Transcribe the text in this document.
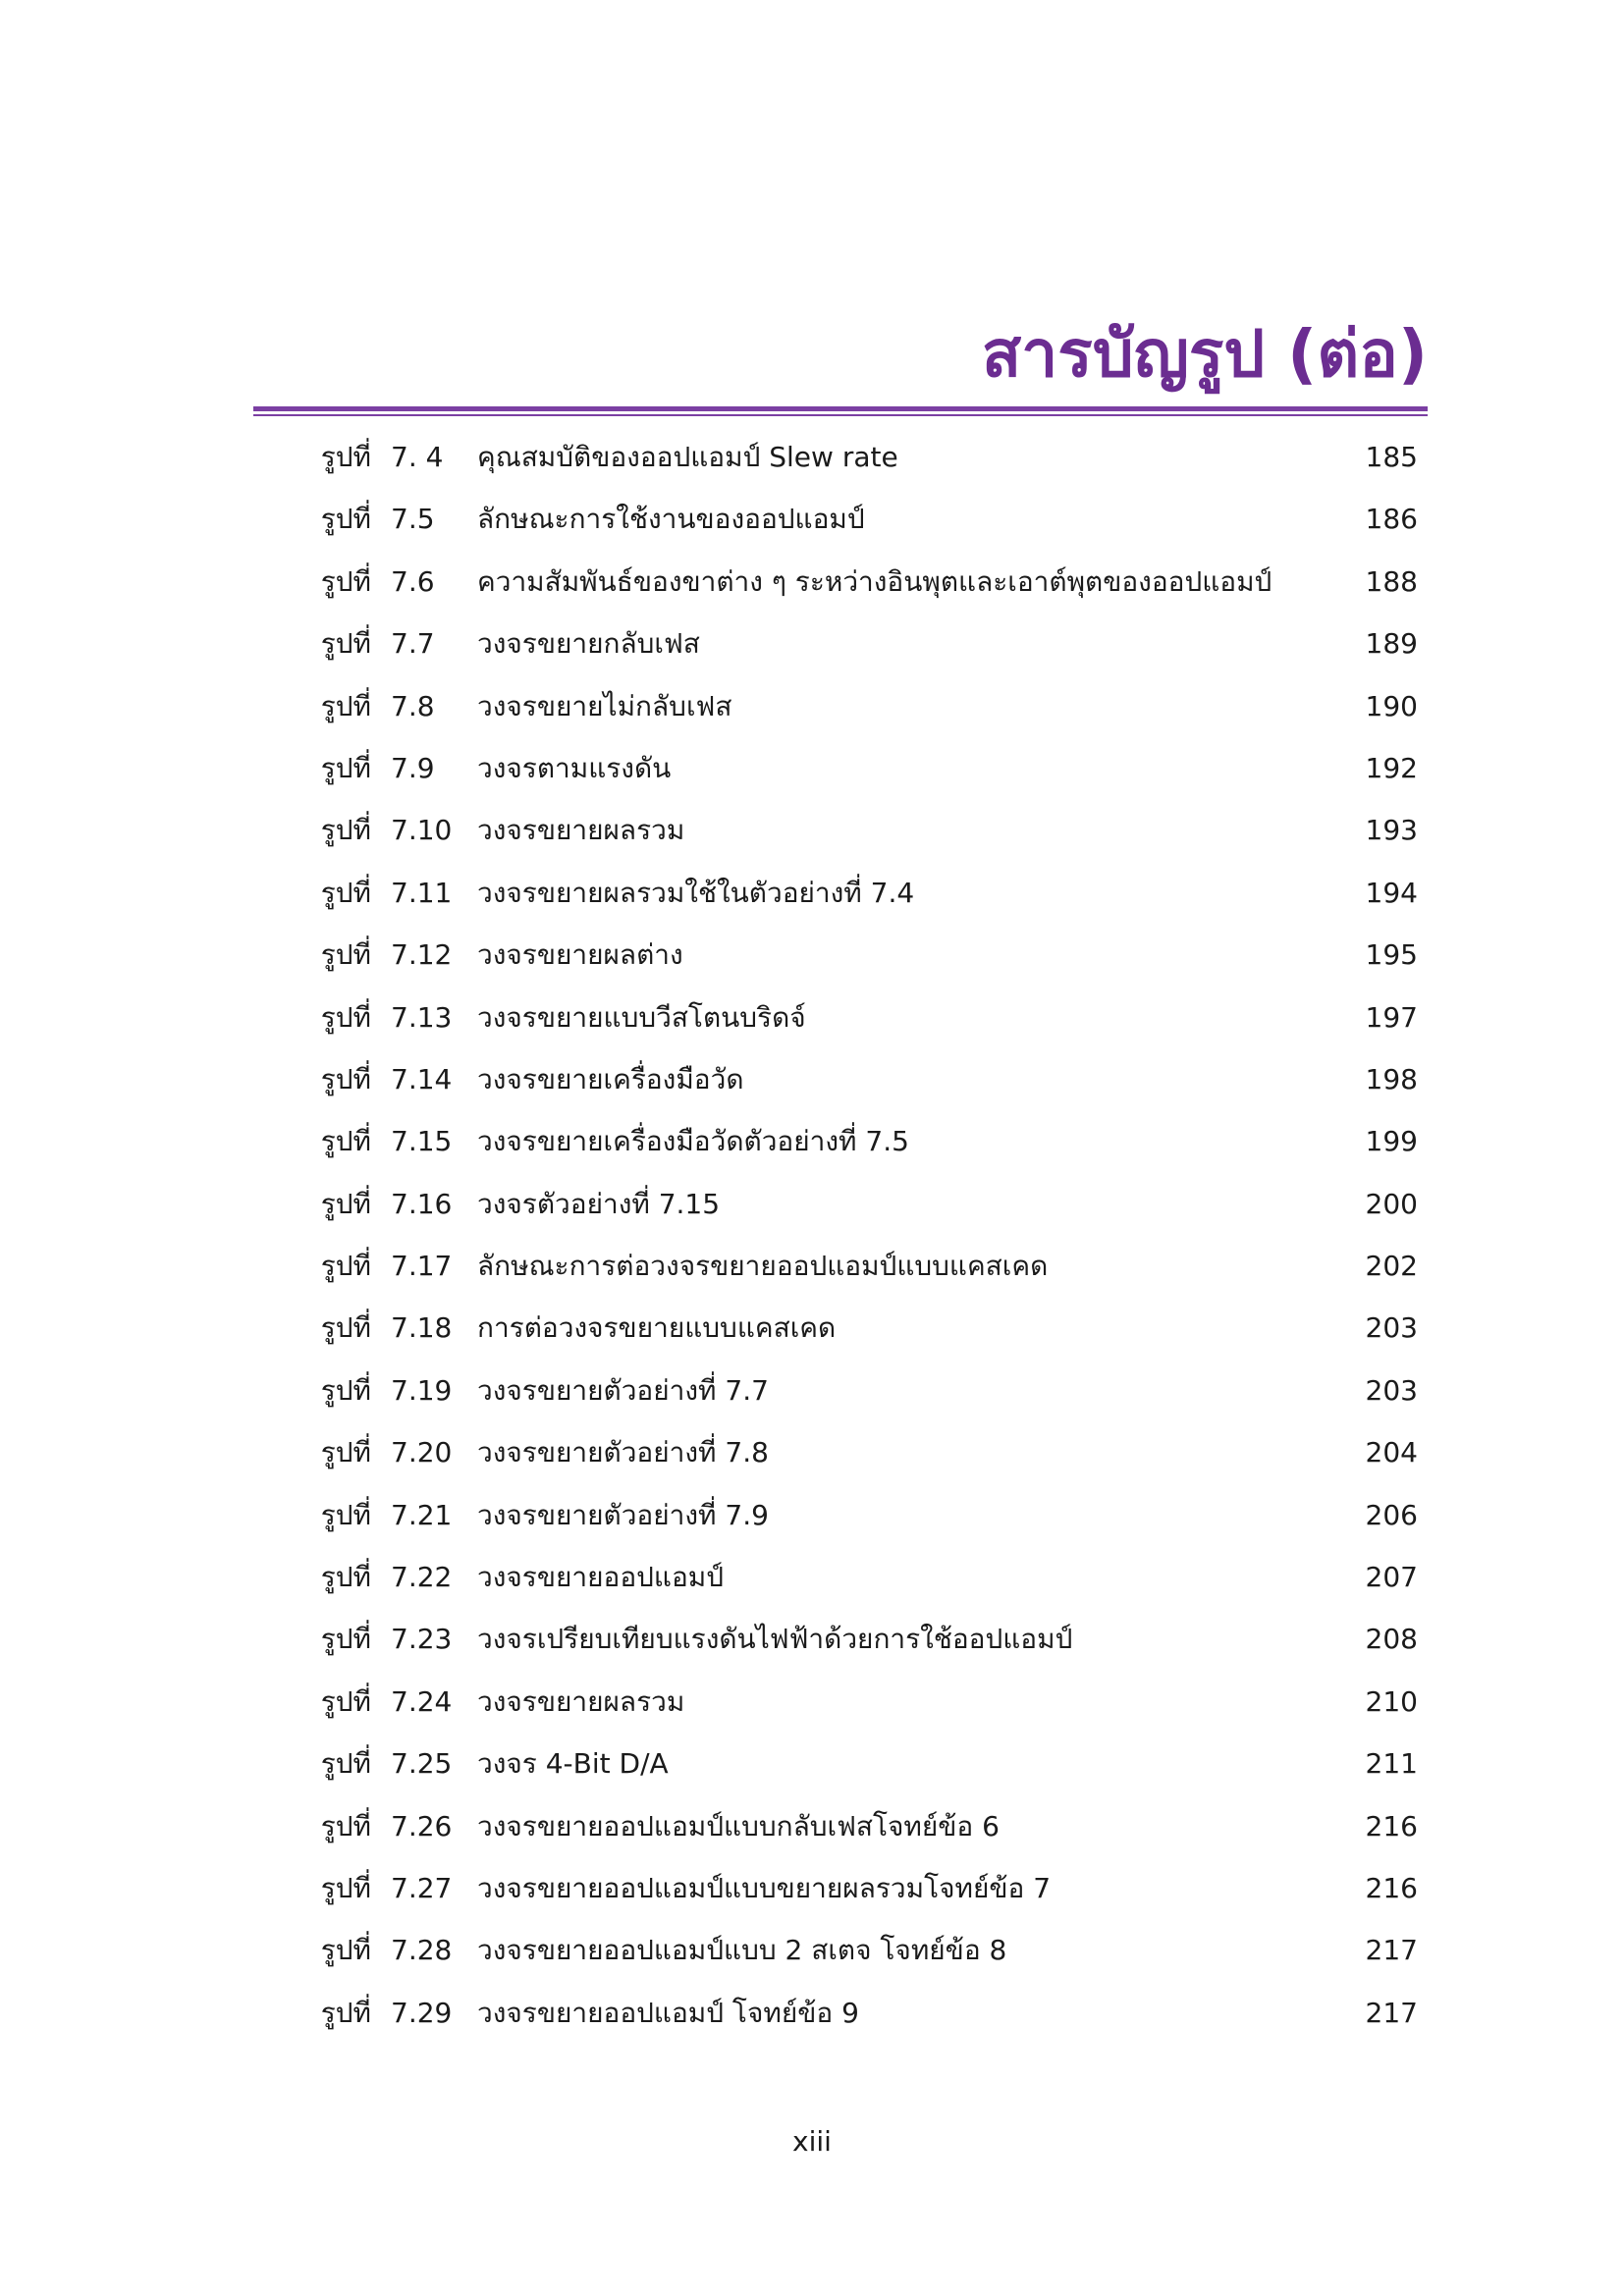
สารบัญรูป (ต่อ)
รูปที่ 7. 4 คุณสมบัติของออปแอมป์ Slew rate	185
รูปที่ 7.5 ลักษณะการใช้งานของออปแอมป์	186
รูปที่ 7.6 ความสัมพันธ์ของขาต่าง ๆ ระหว่างอินพุตและเอาต์พุตของออปแอมป์	188
รูปที่ 7.7 วงจรขยายกลับเฟส	189
รูปที่ 7.8 วงจรขยายไม่กลับเฟส	190
รูปที่ 7.9 วงจรตามแรงดัน	192
รูปที่ 7.10 วงจรขยายผลรวม	193
รูปที่ 7.11 วงจรขยายผลรวมใช้ในตัวอย่างที่ 7.4	194
รูปที่ 7.12 วงจรขยายผลต่าง	195
รูปที่ 7.13 วงจรขยายแบบวีสโตนบริดจ์	197
รูปที่ 7.14 วงจรขยายเครื่องมือวัด	198
รูปที่ 7.15 วงจรขยายเครื่องมือวัดตัวอย่างที่ 7.5	199
รูปที่ 7.16 วงจรตัวอย่างที่ 7.15	200
รูปที่ 7.17 ลักษณะการต่อวงจรขยายออปแอมป์แบบแคสเคด	202
รูปที่ 7.18 การต่อวงจรขยายแบบแคสเคด	203
รูปที่ 7.19 วงจรขยายตัวอย่างที่ 7.7	203
รูปที่ 7.20 วงจรขยายตัวอย่างที่ 7.8	204
รูปที่ 7.21 วงจรขยายตัวอย่างที่ 7.9	206
รูปที่ 7.22 วงจรขยายออปแอมป์	207
รูปที่ 7.23 วงจรเปรียบเทียบแรงดันไฟฟ้าด้วยการใช้ออปแอมป์	208
รูปที่ 7.24 วงจรขยายผลรวม	210
รูปที่ 7.25 วงจร 4-Bit D/A	211
รูปที่ 7.26 วงจรขยายออปแอมป์แบบกลับเฟสโจทย์ข้อ 6	216
รูปที่ 7.27 วงจรขยายออปแอมป์แบบขยายผลรวมโจทย์ข้อ 7	216
รูปที่ 7.28 วงจรขยายออปแอมป์แบบ 2 สเตจ โจทย์ข้อ 8	217
รูปที่ 7.29 วงจรขยายออปแอมป์ โจทย์ข้อ 9	217
xiii
